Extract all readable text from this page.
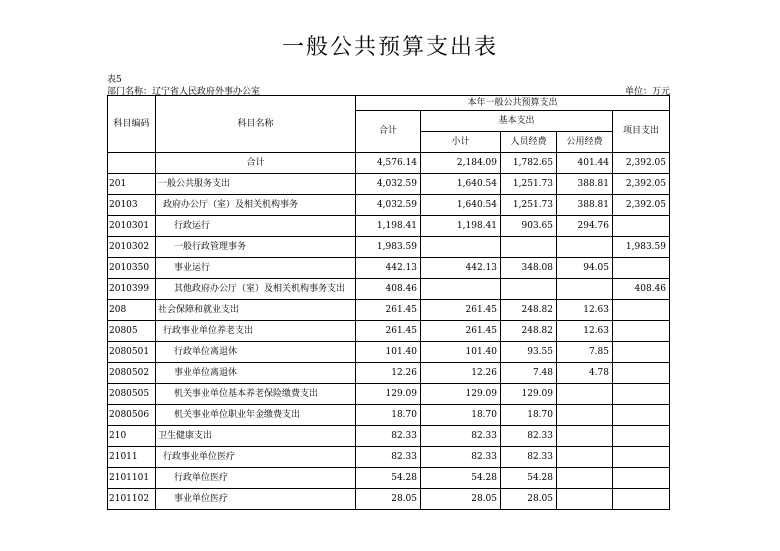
一般公共预算支出表
表5
部门名称：辽宁省人民政府外事办公室	单位：万元
科目编码	科目名称	本年一般公共预算支出				
		合计	基本支出			项目支出
			小计	人员经费	公用经费	
	合计	4,576.14	2,184.09	1,782.65	401.44	2,392.05
201	一般公共服务支出	4,032.59	1,640.54	1,251.73	388.81	2,392.05
20103	政府办公厅（室）及相关机构事务	4,032.59	1,640.54	1,251.73	388.81	2,392.05
2010301	行政运行	1,198.41	1,198.41	903.65	294.76	
2010302	一般行政管理事务	1,983.59				1,983.59
2010350	事业运行	442.13	442.13	348.08	94.05	
2010399	其他政府办公厅（室）及相关机构事务支出	408.46				408.46
208	社会保障和就业支出	261.45	261.45	248.82	12.63	
20805	行政事业单位养老支出	261.45	261.45	248.82	12.63	
2080501	行政单位离退休	101.40	101.40	93.55	7.85	
2080502	事业单位离退休	12.26	12.26	7.48	4.78	
2080505	机关事业单位基本养老保险缴费支出	129.09	129.09	129.09		
2080506	机关事业单位职业年金缴费支出	18.70	18.70	18.70		
210	卫生健康支出	82.33	82.33	82.33		
21011	行政事业单位医疗	82.33	82.33	82.33		
2101101	行政单位医疗	54.28	54.28	54.28		
2101102	事业单位医疗	28.05	28.05	28.05		
